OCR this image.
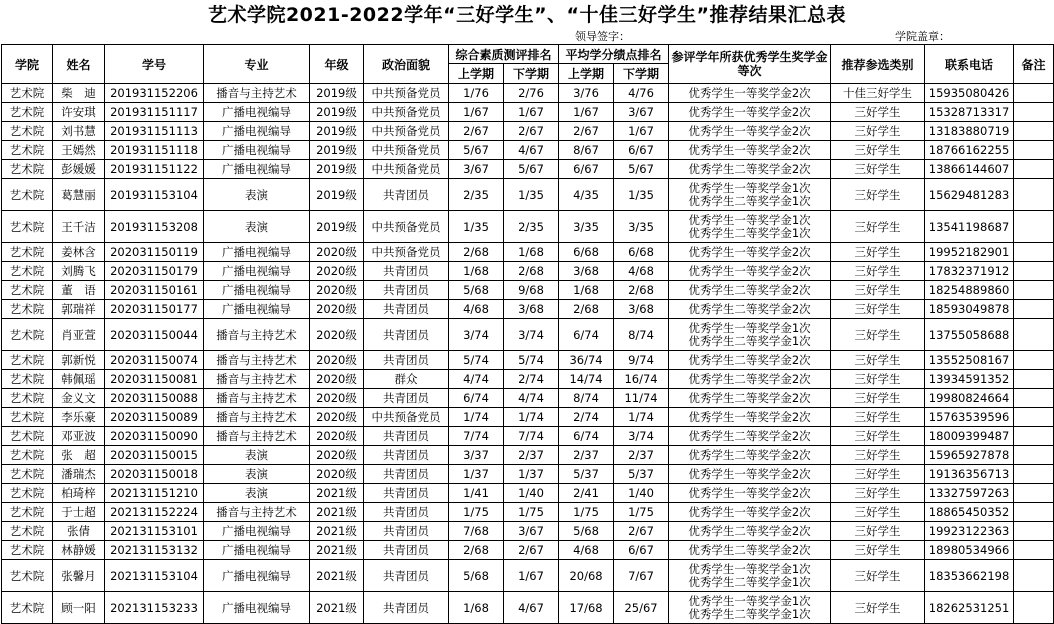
艺术学院2021-2022学年“三好学生”、“十佳三好学生”推荐结果汇总表
领导签字：	学院盖章：
学院	姓名	学号	专业	年级	政治面貌	综合素质测评排名		平均学分绩点排名		参评学年所获优秀学生奖学金等次	推荐参选类别	联系电话	备注
						上学期	下学期	上学期	下学期				
艺术院	柴　迪	201931152206	播音与主持艺术	2019级	中共预备党员	1/76	2/76	3/76	4/76	优秀学生一等奖学金2次	十佳三好学生	15935080426	
艺术院	许安琪	201931151117	广播电视编导	2019级	中共预备党员	1/67	1/67	1/67	3/67	优秀学生一等奖学金2次	三好学生	15328713317	
艺术院	刘书慧	201931151113	广播电视编导	2019级	中共预备党员	2/67	2/67	2/67	1/67	优秀学生一等奖学金2次	三好学生	13183880719	
艺术院	王嫣然	201931151118	广播电视编导	2019级	中共预备党员	5/67	4/67	8/67	6/67	优秀学生一等奖学金2次	三好学生	18766162255	
艺术院	彭媛媛	201931151122	广播电视编导	2019级	中共预备党员	3/67	5/67	6/67	5/67	优秀学生二等奖学金2次	三好学生	13866144607	
艺术院	葛慧丽	201931153104	表演	2019级	共青团员	2/35	1/35	4/35	1/35	优秀学生一等奖学金1次
优秀学生二等奖学金1次	三好学生	15629481283	
艺术院	王千洁	201931153208	表演	2019级	中共预备党员	1/35	2/35	3/35	3/35	优秀学生一等奖学金1次
优秀学生二等奖学金1次	三好学生	13541198687	
艺术院	姜林含	202031150119	广播电视编导	2020级	中共预备党员	2/68	1/68	6/68	6/68	优秀学生一等奖学金2次	三好学生	19952182901	
艺术院	刘腾飞	202031150179	广播电视编导	2020级	共青团员	1/68	2/68	3/68	4/68	优秀学生一等奖学金2次	三好学生	17832371912	
艺术院	董　语	202031150161	广播电视编导	2020级	共青团员	5/68	9/68	1/68	2/68	优秀学生二等奖学金2次	三好学生	18254889860	
艺术院	郭瑞祥	202031150177	广播电视编导	2020级	共青团员	4/68	3/68	2/68	3/68	优秀学生二等奖学金2次	三好学生	18593049878	
艺术院	肖亚萱	202031150044	播音与主持艺术	2020级	共青团员	3/74	3/74	6/74	8/74	优秀学生一等奖学金1次
优秀学生二等奖学金1次	三好学生	13755058688	
艺术院	郭新悦	202031150074	播音与主持艺术	2020级	共青团员	5/74	5/74	36/74	9/74	优秀学生二等奖学金2次	三好学生	13552508167	
艺术院	韩佩瑶	202031150081	播音与主持艺术	2020级	群众	4/74	2/74	14/74	16/74	优秀学生二等奖学金2次	三好学生	13934591352	
艺术院	金义文	202031150088	播音与主持艺术	2020级	共青团员	6/74	4/74	8/74	11/74	优秀学生二等奖学金2次	三好学生	19980824664	
艺术院	李乐豪	202031150089	播音与主持艺术	2020级	中共预备党员	1/74	1/74	2/74	1/74	优秀学生一等奖学金2次	三好学生	15763539596	
艺术院	邓亚波	202031150090	播音与主持艺术	2020级	共青团员	7/74	7/74	6/74	3/74	优秀学生二等奖学金2次	三好学生	18009399487	
艺术院	张　超	202031150015	表演	2020级	共青团员	3/37	2/37	2/37	2/37	优秀学生二等奖学金2次	三好学生	15965927878	
艺术院	潘瑞杰	202031150018	表演	2020级	共青团员	1/37	1/37	5/37	5/37	优秀学生一等奖学金2次	三好学生	19136356713	
艺术院	柏琦梓	202131151210	表演	2021级	共青团员	1/41	1/40	2/41	1/40	优秀学生一等奖学金2次	三好学生	13327597263	
艺术院	于士超	202131152224	播音与主持艺术	2021级	共青团员	1/75	1/75	1/75	1/75	优秀学生一等奖学金2次	三好学生	18865450352	
艺术院	张倩	202131153101	广播电视编导	2021级	共青团员	7/68	3/67	5/68	2/67	优秀学生二等奖学金2次	三好学生	19923122363	
艺术院	林静媛	202131153132	广播电视编导	2021级	共青团员	2/68	2/67	4/68	6/67	优秀学生二等奖学金2次	三好学生	18980534966	
艺术院	张馨月	202131153104	广播电视编导	2021级	共青团员	5/68	1/67	20/68	7/67	优秀学生一等奖学金1次
优秀学生二等奖学金1次	三好学生	18353662198	
艺术院	顾一阳	202131153233	广播电视编导	2021级	共青团员	1/68	4/67	17/68	25/67	优秀学生一等奖学金1次
优秀学生二等奖学金1次	三好学生	18262531251	
